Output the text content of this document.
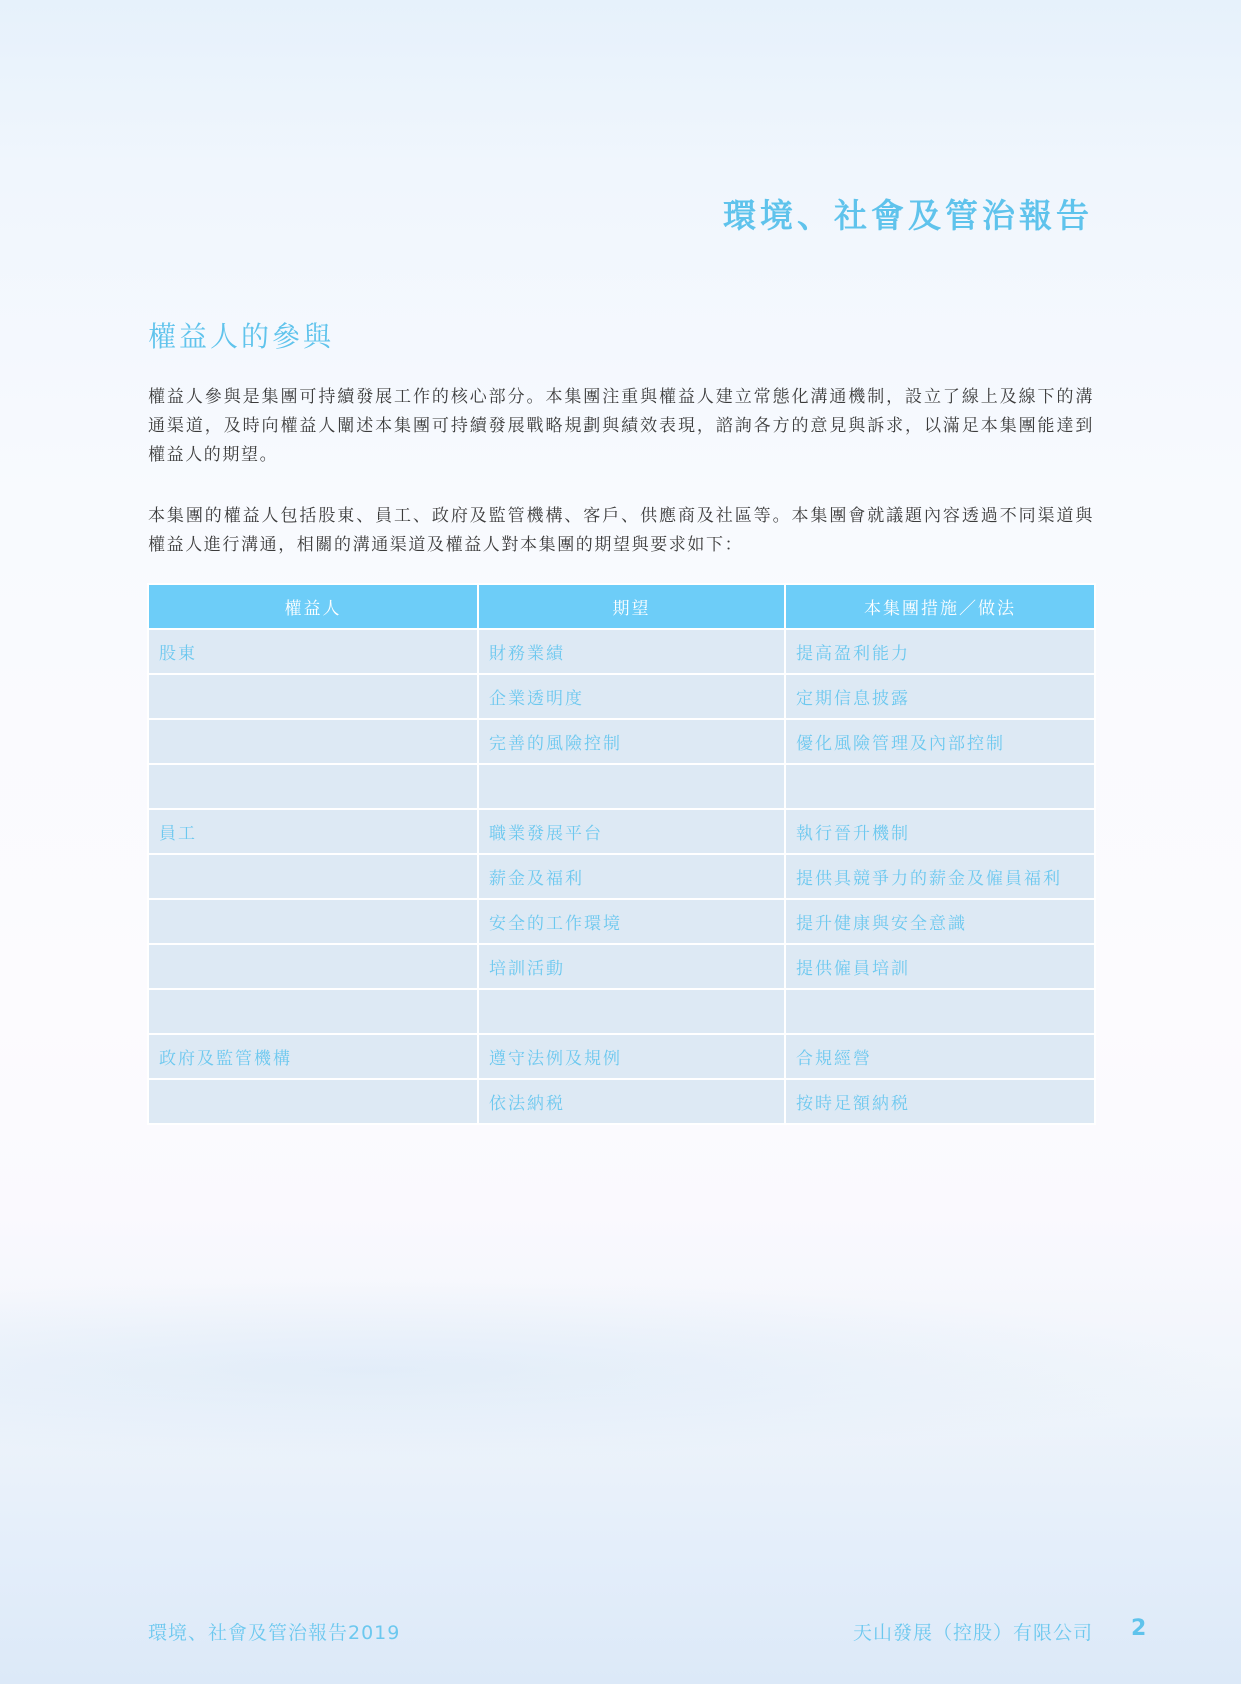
環境、社會及管治報告
權益人的參與

權益人參與是集團可持續發展工作的核心部分。本集團注重與權益人建立常態化溝通機制，設立了線上及線下的溝通渠道，及時向權益人闡述本集團可持續發展戰略規劃與績效表現，諮詢各方的意見與訴求，以滿足本集團能達到權益人的期望。

本集團的權益人包括股東、員工、政府及監管機構、客戶、供應商及社區等。本集團會就議題內容透過不同渠道與權益人進行溝通，相關的溝通渠道及權益人對本集團的期望與要求如下：

權益人	期望	本集團措施／做法
股東	財務業績	提高盈利能力
	企業透明度	定期信息披露
	完善的風險控制	優化風險管理及內部控制

員工	職業發展平台	執行晉升機制
	薪金及福利	提供具競爭力的薪金及僱員福利
	安全的工作環境	提升健康與安全意識
	培訓活動	提供僱員培訓

政府及監管機構	遵守法例及規例	合規經營
	依法納税	按時足額納税
環境、社會及管治報告2019	天山發展（控股）有限公司 2
